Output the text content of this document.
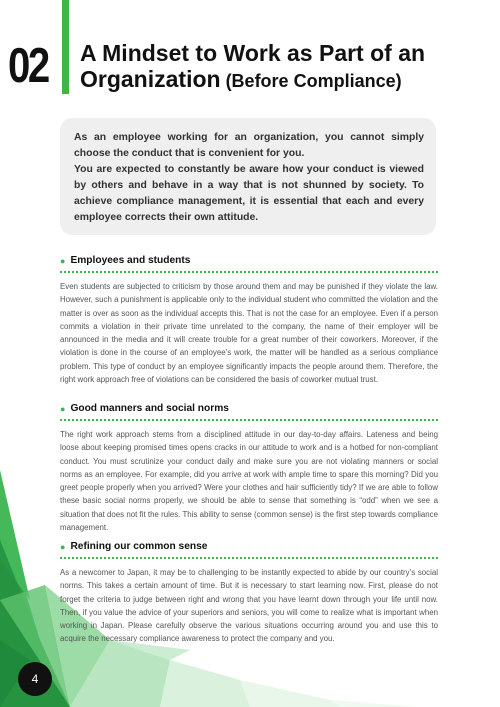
02 A Mindset to Work as Part of an
Organization (Before Compliance)

As an employee working for an organization, you cannot simply choose the conduct that is convenient for you.

You are expected to constantly be aware how your conduct is viewed by others and behave in a way that is not shunned by society. To achieve compliance management, it is essential that each and every employee corrects their own attitude.

● Employees and students

Even students are subjected to criticism by those around them and may be punished if they violate the law. However, such a punishment is applicable only to the individual student who committed the violation and the matter is over as soon as the individual accepts this. That is not the case for an employee. Even if a person commits a violation in their private time unrelated to the company, the name of their employer will be announced in the media and it will create trouble for a great number of their coworkers. Moreover, if the violation is done in the course of an employee’s work, the matter will be handled as a serious compliance problem. This type of conduct by an employee significantly impacts the people around them. Therefore, the right work approach free of violations can be considered the basis of coworker mutual trust.

● Good manners and social norms

The right work approach stems from a disciplined attitude in our day-to-day affairs. Lateness and being loose about keeping promised times opens cracks in our attitude to work and is a hotbed for non-compliant conduct. You must scrutinize your conduct daily and make sure you are not violating manners or social norms as an employee. For example, did you arrive at work with ample time to spare this morning? Did you greet people properly when you arrived? Were your clothes and hair sufficiently tidy? If we are able to follow these basic social norms properly, we should be able to sense that something is “odd” when we see a situation that does not fit the rules. This ability to sense (common sense) is the first step towards compliance management.

● Refining our common sense

As a newcomer to Japan, it may be to challenging to be instantly expected to abide by our country’s social norms. This takes a certain amount of time. But it is necessary to start learning now. First, please do not forget the criteria to judge between right and wrong that you have learnt down through your life until now. Then, if you value the advice of your superiors and seniors, you will come to realize what is important when working in Japan. Please carefully observe the various situations occurring around you and use this to acquire the necessary compliance awareness to protect the company and you.

4
